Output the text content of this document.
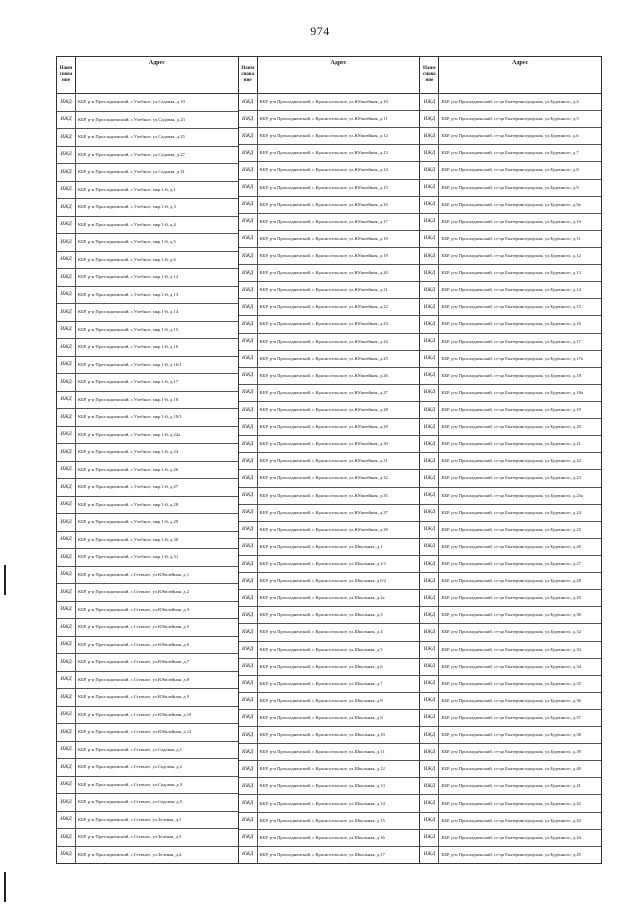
974
Наим снова ние
Адрес
ИЖД	КБР, р-н Прохладненский, с.Учебное, ул.Садовая, д.19
ИЖД	КБР, р-н Прохладненский, с.Учебное, ул.Садовая, д.23
ИЖД	КБР, р-н Прохладненский, с.Учебное, ул.Садовая, д.25
ИЖД	КБР, р-н Прохладненский, с.Учебное, ул.Садовая, д.27
ИЖД	КБР, р-н Прохладненский, с.Учебное, ул.Садовая, д.31
ИЖД	КБР, р-н Прохладненский, с.Учебное, мкр.1-й, д.1
ИЖД	КБР, р-н Прохладненский, с.Учебное, мкр.1-й, д.3
ИЖД	КБР, р-н Прохладненский, с.Учебное, мкр.1-й, д.4
ИЖД	КБР, р-н Прохладненский, с.Учебное, мкр.1-й, д.5
ИЖД	КБР, р-н Прохладненский, с.Учебное, мкр.1-й, д.6
ИЖД	КБР, р-н Прохладненский, с.Учебное, мкр.1-й, д.12
ИЖД	КБР, р-н Прохладненский, с.Учебное, мкр.1-й, д.13
ИЖД	КБР, р-н Прохладненский, с.Учебное, мкр.1-й, д.14
ИЖД	КБР, р-н Прохладненский, с.Учебное, мкр.1-й, д.15
ИЖД	КБР, р-н Прохладненский, с.Учебное, мкр.1-й, д.16
ИЖД	КБР, р-н Прохладненский, с.Учебное, мкр.1-й, д.16/1
ИЖД	КБР, р-н Прохладненский, с.Учебное, мкр.1-й, д.17
ИЖД	КБР, р-н Прохладненский, с.Учебное, мкр.1-й, д.18
ИЖД	КБР, р-н Прохладненский, с.Учебное, мкр.1-й, д.18/1
ИЖД	КБР, р-н Прохладненский, с.Учебное, мкр.1-й, д.22а
ИЖД	КБР, р-н Прохладненский, с.Учебное, мкр.1-й, д.24
ИЖД	КБР, р-н Прохладненский, с.Учебное, мкр.1-й, д.26
ИЖД	КБР, р-н Прохладненский, с.Учебное, мкр.1-й, д.27
ИЖД	КБР, р-н Прохладненский, с.Учебное, мкр.1-й, д.28
ИЖД	КБР, р-н Прохладненский, с.Учебное, мкр.1-й, д.29
ИЖД	КБР, р-н Прохладненский, с.Учебное, мкр.1-й, д.30
ИЖД	КБР, р-н Прохладненский, с.Учебное, мкр.1-й, д.31
ИЖД	КБР, р-н Прохладненский, с.Степное, ул.Юбилейная, д.1
ИЖД	КБР, р-н Прохладненский, с.Степное, ул.Юбилейная, д.2
ИЖД	КБР, р-н Прохладненский, с.Степное, ул.Юбилейная, д.3
ИЖД	КБР, р-н Прохладненский, с.Степное, ул.Юбилейная, д.5
ИЖД	КБР, р-н Прохладненский, с.Степное, ул.Юбилейная, д.6
ИЖД	КБР, р-н Прохладненский, с.Степное, ул.Юбилейная, д.7
ИЖД	КБР, р-н Прохладненский, с.Степное, ул.Юбилейная, д.8
ИЖД	КБР, р-н Прохладненский, с.Степное, ул.Юбилейная, д.9
ИЖД	КБР, р-н Прохладненский, с.Степное, ул.Юбилейная, д.10
ИЖД	КБР, р-н Прохладненский, с.Степное, ул.Юбилейная, д.12
ИЖД	КБР, р-н Прохладненский, с.Степное, ул.Садовая, д.1
ИЖД	КБР, р-н Прохладненский, с.Степное, ул.Садовая, д.2
ИЖД	КБР, р-н Прохладненский, с.Степное, ул.Садовая, д.3
ИЖД	КБР, р-н Прохладненский, с.Степное, ул.Садовая, д.5
ИЖД	КБР, р-н Прохладненский, с.Степное, ул.Зеленая, д.1
ИЖД	КБР, р-н Прохладненский, с.Степное, ул.Зеленая, д.3
ИЖД	КБР, р-н Прохладненский, с.Степное, ул.Зеленая, д.4
Наим снова ние
Адрес
ИЖД	КБР, р-н Прохладненский, с.Красносельское, ул.Юбилейная, д.10
ИЖД	КБР, р-н Прохладненский, с.Красносельское, ул.Юбилейная, д.11
ИЖД	КБР, р-н Прохладненский, с.Красносельское, ул.Юбилейная, д.12
ИЖД	КБР, р-н Прохладненский, с.Красносельское, ул.Юбилейная, д.13
ИЖД	КБР, р-н Прохладненский, с.Красносельское, ул.Юбилейная, д.14
ИЖД	КБР, р-н Прохладненский, с.Красносельское, ул.Юбилейная, д.15
ИЖД	КБР, р-н Прохладненский, с.Красносельское, ул.Юбилейная, д.16
ИЖД	КБР, р-н Прохладненский, с.Красносельское, ул.Юбилейная, д.17
ИЖД	КБР, р-н Прохладненский, с.Красносельское, ул.Юбилейная, д.18
ИЖД	КБР, р-н Прохладненский, с.Красносельское, ул.Юбилейная, д.19
ИЖД	КБР, р-н Прохладненский, с.Красносельское, ул.Юбилейная, д.20
ИЖД	КБР, р-н Прохладненский, с.Красносельское, ул.Юбилейная, д.21
ИЖД	КБР, р-н Прохладненский, с.Красносельское, ул.Юбилейная, д.22
ИЖД	КБР, р-н Прохладненский, с.Красносельское, ул.Юбилейная, д.23
ИЖД	КБР, р-н Прохладненский, с.Красносельское, ул.Юбилейная, д.24
ИЖД	КБР, р-н Прохладненский, с.Красносельское, ул.Юбилейная, д.25
ИЖД	КБР, р-н Прохладненский, с.Красносельское, ул.Юбилейная, д.26
ИЖД	КБР, р-н Прохладненский, с.Красносельское, ул.Юбилейная, д.27
ИЖД	КБР, р-н Прохладненский, с.Красносельское, ул.Юбилейная, д.28
ИЖД	КБР, р-н Прохладненский, с.Красносельское, ул.Юбилейная, д.29
ИЖД	КБР, р-н Прохладненский, с.Красносельское, ул.Юбилейная, д.30
ИЖД	КБР, р-н Прохладненский, с.Красносельское, ул.Юбилейная, д.31
ИЖД	КБР, р-н Прохладненский, с.Красносельское, ул.Юбилейная, д.32
ИЖД	КБР, р-н Прохладненский, с.Красносельское, ул.Юбилейная, д.35
ИЖД	КБР, р-н Прохладненский, с.Красносельское, ул.Юбилейная, д.37
ИЖД	КБР, р-н Прохладненский, с.Красносельское, ул.Юбилейная, д.39
ИЖД	КБР, р-н Прохладненский, с.Красносельское, ул.Школьная, д.1
ИЖД	КБР, р-н Прохладненский, с.Красносельское, ул.Школьная, д.1/1
ИЖД	КБР, р-н Прохладненский, с.Красносельское, ул.Школьная, д.6/2
ИЖД	КБР, р-н Прохладненский, с.Красносельское, ул.Школьная, д.2а
ИЖД	КБР, р-н Прохладненский, с.Красносельское, ул.Школьная, д.3
ИЖД	КБР, р-н Прохладненский, с.Красносельское, ул.Школьная, д.4
ИЖД	КБР, р-н Прохладненский, с.Красносельское, ул.Школьная, д.5
ИЖД	КБР, р-н Прохладненский, с.Красносельское, ул.Школьная, д.6
ИЖД	КБР, р-н Прохладненский, с.Красносельское, ул.Школьная, д.7
ИЖД	КБР, р-н Прохладненский, с.Красносельское, ул.Школьная, д.8
ИЖД	КБР, р-н Прохладненский, с.Красносельское, ул.Школьная, д.9
ИЖД	КБР, р-н Прохладненский, с.Красносельское, ул.Школьная, д.10
ИЖД	КБР, р-н Прохладненский, с.Красносельское, ул.Школьная, д.11
ИЖД	КБР, р-н Прохладненский, с.Красносельское, ул.Школьная, д.12
ИЖД	КБР, р-н Прохладненский, с.Красносельское, ул.Школьная, д.13
ИЖД	КБР, р-н Прохладненский, с.Красносельское, ул.Школьная, д.14
ИЖД	КБР, р-н Прохладненский, с.Красносельское, ул.Школьная, д.15
ИЖД	КБР, р-н Прохладненский, с.Красносельское, ул.Школьная, д.16
ИЖД	КБР, р-н Прохладненский, с.Красносельское, ул.Школьная, д.17
Наим снова ние
Адрес
ИЖД	КБР, р-н Прохладненский, ст-ца Екатериноградская, ул.Буденного, д.4
ИЖД	КБР, р-н Прохладненский, ст-ца Екатериноградская, ул.Буденного, д.5
ИЖД	КБР, р-н Прохладненский, ст-ца Екатериноградская, ул.Буденного, д.6
ИЖД	КБР, р-н Прохладненский, ст-ца Екатериноградская, ул.Буденного, д.7
ИЖД	КБР, р-н Прохладненский, ст-ца Екатериноградская, ул.Буденного, д.8
ИЖД	КБР, р-н Прохладненский, ст-ца Екатериноградская, ул.Буденного, д.9
ИЖД	КБР, р-н Прохладненский, ст-ца Екатериноградская, ул.Буденного, д.9а
ИЖД	КБР, р-н Прохладненский, ст-ца Екатериноградская, ул.Буденного, д.10
ИЖД	КБР, р-н Прохладненский, ст-ца Екатериноградская, ул.Буденного, д.11
ИЖД	КБР, р-н Прохладненский, ст-ца Екатериноградская, ул.Буденного, д.12
ИЖД	КБР, р-н Прохладненский, ст-ца Екатериноградская, ул.Буденного, д.13
ИЖД	КБР, р-н Прохладненский, ст-ца Екатериноградская, ул.Буденного, д.14
ИЖД	КБР, р-н Прохладненский, ст-ца Екатериноградская, ул.Буденного, д.15
ИЖД	КБР, р-н Прохладненский, ст-ца Екатериноградская, ул.Буденного, д.16
ИЖД	КБР, р-н Прохладненский, ст-ца Екатериноградская, ул.Буденного, д.17
ИЖД	КБР, р-н Прохладненский, ст-ца Екатериноградская, ул.Буденного, д.17а
ИЖД	КБР, р-н Прохладненский, ст-ца Екатериноградская, ул.Буденного, д.18
ИЖД	КБР, р-н Прохладненский, ст-ца Екатериноградская, ул.Буденного, д.18а
ИЖД	КБР, р-н Прохладненский, ст-ца Екатериноградская, ул.Буденного, д.19
ИЖД	КБР, р-н Прохладненский, ст-ца Екатериноградская, ул.Буденного, д.20
ИЖД	КБР, р-н Прохладненский, ст-ца Екатериноградская, ул.Буденного, д.21
ИЖД	КБР, р-н Прохладненский, ст-ца Екатериноградская, ул.Буденного, д.22
ИЖД	КБР, р-н Прохладненский, ст-ца Екатериноградская, ул.Буденного, д.23
ИЖД	КБР, р-н Прохладненский, ст-ца Екатериноградская, ул.Буденного, д.23а
ИЖД	КБР, р-н Прохладненский, ст-ца Екатериноградская, ул.Буденного, д.24
ИЖД	КБР, р-н Прохладненский, ст-ца Екатериноградская, ул.Буденного, д.25
ИЖД	КБР, р-н Прохладненский, ст-ца Екатериноградская, ул.Буденного, д.26
ИЖД	КБР, р-н Прохладненский, ст-ца Екатериноградская, ул.Буденного, д.27
ИЖД	КБР, р-н Прохладненский, ст-ца Екатериноградская, ул.Буденного, д.28
ИЖД	КБР, р-н Прохладненский, ст-ца Екатериноградская, ул.Буденного, д.29
ИЖД	КБР, р-н Прохладненский, ст-ца Екатериноградская, ул.Буденного, д.30
ИЖД	КБР, р-н Прохладненский, ст-ца Екатериноградская, ул.Буденного, д.32
ИЖД	КБР, р-н Прохладненский, ст-ца Екатериноградская, ул.Буденного, д.33
ИЖД	КБР, р-н Прохладненский, ст-ца Екатериноградская, ул.Буденного, д.34
ИЖД	КБР, р-н Прохладненский, ст-ца Екатериноградская, ул.Буденного, д.35
ИЖД	КБР, р-н Прохладненский, ст-ца Екатериноградская, ул.Буденного, д.36
ИЖД	КБР, р-н Прохладненский, ст-ца Екатериноградская, ул.Буденного, д.37
ИЖД	КБР, р-н Прохладненский, ст-ца Екатериноградская, ул.Буденного, д.38
ИЖД	КБР, р-н Прохладненский, ст-ца Екатериноградская, ул.Буденного, д.39
ИЖД	КБР, р-н Прохладненский, ст-ца Екатериноградская, ул.Буденного, д.40
ИЖД	КБР, р-н Прохладненский, ст-ца Екатериноградская, ул.Буденного, д.41
ИЖД	КБР, р-н Прохладненский, ст-ца Екатериноградская, ул.Буденного, д.42
ИЖД	КБР, р-н Прохладненский, ст-ца Екатериноградская, ул.Буденного, д.43
ИЖД	КБР, р-н Прохладненский, ст-ца Екатериноградская, ул.Буденного, д.44
ИЖД	КБР, р-н Прохладненский, ст-ца Екатериноградская, ул.Буденного, д.45
